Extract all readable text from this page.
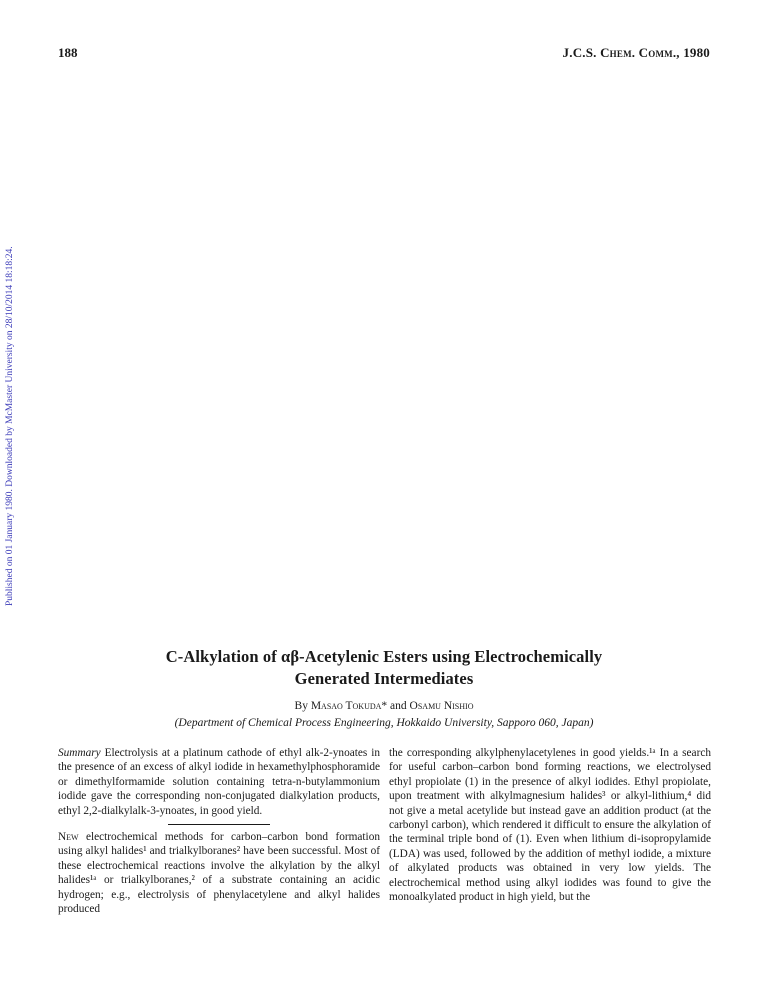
188	J.C.S. Chem. Comm., 1980
Published on 01 January 1980. Downloaded by McMaster University on 28/10/2014 18:18:24.
C-Alkylation of αβ-Acetylenic Esters using Electrochemically
Generated Intermediates
By Masao Tokuda* and Osamu Nishio
(Department of Chemical Process Engineering, Hokkaido University, Sapporo 060, Japan)

Summary Electrolysis at a platinum cathode of ethyl alk-2-ynoates in the presence of an excess of alkyl iodide in hexamethylphosphoramide or dimethylformamide solution containing tetra-n-butylammonium iodide gave the corresponding non-conjugated dialkylation products, ethyl 2,2-dialkylalk-3-ynoates, in good yield.

New electrochemical methods for carbon–carbon bond formation using alkyl halides¹ and trialkylboranes² have been successful. Most of these electrochemical reactions involve the alkylation by the alkyl halides¹ᵃ or trialkylboranes,² of a substrate containing an acidic hydrogen; e.g., electrolysis of phenylacetylene and alkyl halides produced

the corresponding alkylphenylacetylenes in good yields.¹ᵃ In a search for useful carbon–carbon bond forming reactions, we electrolysed ethyl propiolate (1) in the presence of alkyl iodides. Ethyl propiolate, upon treatment with alkylmagnesium halides³ or alkyl-lithium,⁴ did not give a metal acetylide but instead gave an addition product (at the carbonyl carbon), which rendered it difficult to ensure the alkylation of the terminal triple bond of (1). Even when lithium di-isopropylamide (LDA) was used, followed by the addition of methyl iodide, a mixture of alkylated products was obtained in very low yields. The electrochemical method using alkyl iodides was found to give the monoalkylated product in high yield, but the
